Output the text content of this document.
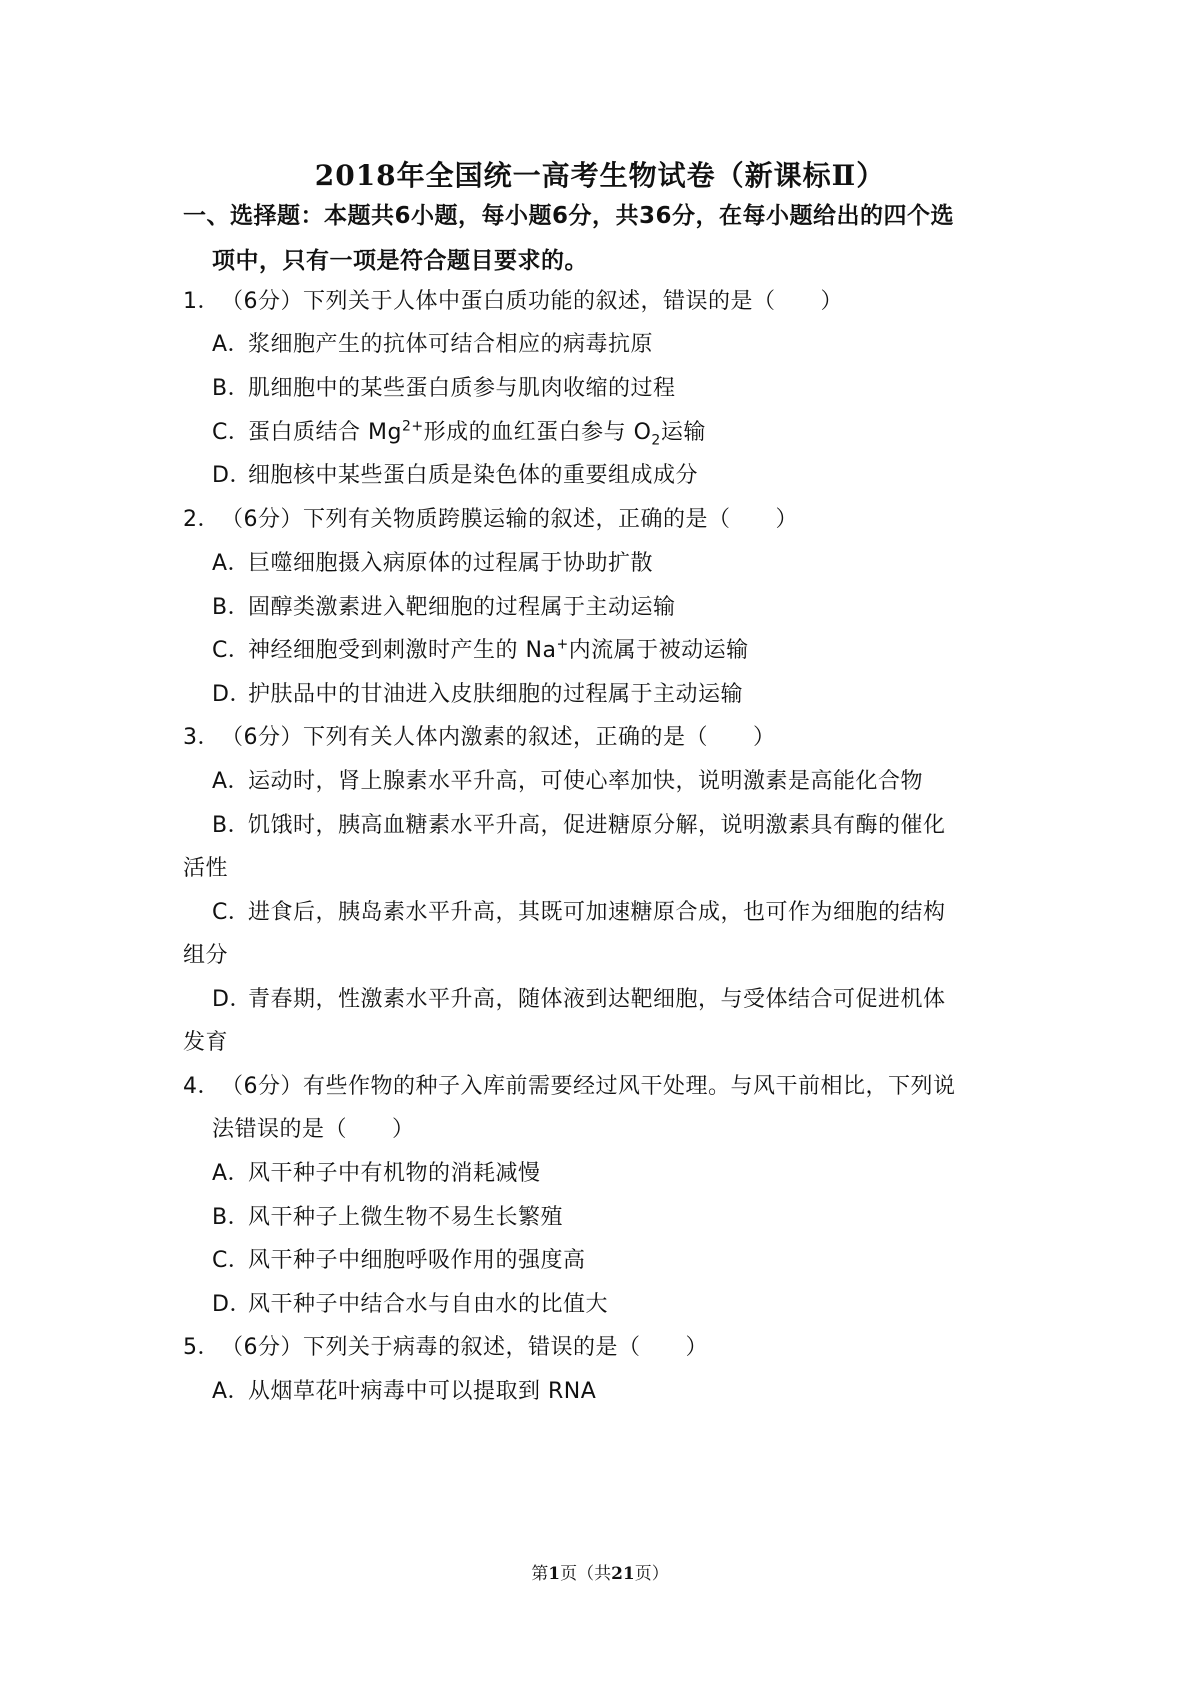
2018年全国统一高考生物试卷（新课标Ⅱ）
一、选择题：本题共6小题，每小题6分，共36分，在每小题给出的四个选
项中，只有一项是符合题目要求的。
1．（6分）下列关于人体中蛋白质功能的叙述，错误的是（　　）
A．浆细胞产生的抗体可结合相应的病毒抗原
B．肌细胞中的某些蛋白质参与肌肉收缩的过程
C．蛋白质结合 $Mg^{2+}$形成的血红蛋白参与 $O_2$运输
D．细胞核中某些蛋白质是染色体的重要组成成分
2．（6分）下列有关物质跨膜运输的叙述，正确的是（　　）
A．巨噬细胞摄入病原体的过程属于协助扩散
B．固醇类激素进入靶细胞的过程属于主动运输
C．神经细胞受到刺激时产生的 Na+内流属于被动运输
D．护肤品中的甘油进入皮肤细胞的过程属于主动运输
3．（6分）下列有关人体内激素的叙述，正确的是（　　）
A．运动时，肾上腺素水平升高，可使心率加快，说明激素是高能化合物
B．饥饿时，胰高血糖素水平升高，促进糖原分解，说明激素具有酶的催化
活性
C．进食后，胰岛素水平升高，其既可加速糖原合成，也可作为细胞的结构
组分
D．青春期，性激素水平升高，随体液到达靶细胞，与受体结合可促进机体
发育
4．（6分）有些作物的种子入库前需要经过风干处理。与风干前相比，下列说
法错误的是（　　）
A．风干种子中有机物的消耗减慢
B．风干种子上微生物不易生长繁殖
C．风干种子中细胞呼吸作用的强度高
D．风干种子中结合水与自由水的比值大
5．（6分）下列关于病毒的叙述，错误的是（　　）
A．从烟草花叶病毒中可以提取到 RNA
第1页（共21页）
